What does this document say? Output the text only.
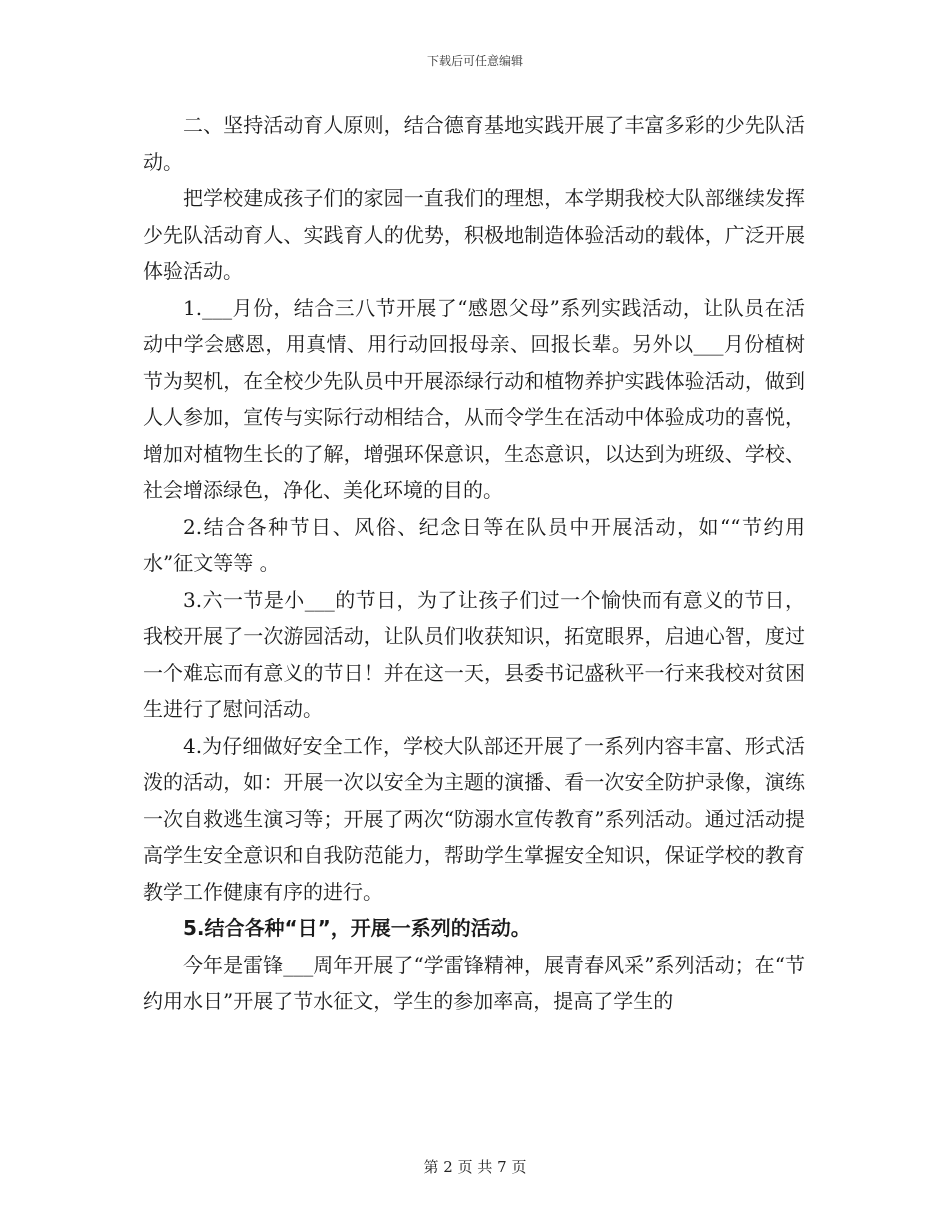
下载后可任意编辑

二、坚持活动育人原则，结合德育基地实践开展了丰富多彩的少先队活动。

把学校建成孩子们的家园一直我们的理想，本学期我校大队部继续发挥少先队活动育人、实践育人的优势，积极地制造体验活动的载体，广泛开展体验活动。

1.___月份，结合三八节开展了“感恩父母”系列实践活动，让队员在活动中学会感恩，用真情、用行动回报母亲、回报长辈。另外以___月份植树节为契机，在全校少先队员中开展添绿行动和植物养护实践体验活动，做到人人参加，宣传与实际行动相结合，从而令学生在活动中体验成功的喜悦，增加对植物生长的了解，增强环保意识，生态意识，以达到为班级、学校、社会增添绿色，净化、美化环境的目的。

2.结合各种节日、风俗、纪念日等在队员中开展活动，如““节约用水”征文等等 。

3.六一节是小___的节日，为了让孩子们过一个愉快而有意义的节日，我校开展了一次游园活动，让队员们收获知识，拓宽眼界，启迪心智，度过一个难忘而有意义的节日！并在这一天，县委书记盛秋平一行来我校对贫困生进行了慰问活动。

4.为仔细做好安全工作，学校大队部还开展了一系列内容丰富、形式活泼的活动，如：开展一次以安全为主题的演播、看一次安全防护录像，演练一次自救逃生演习等；开展了两次“防溺水宣传教育”系列活动。通过活动提高学生安全意识和自我防范能力，帮助学生掌握安全知识，保证学校的教育教学工作健康有序的进行。

5.结合各种“日”，开展一系列的活动。

今年是雷锋___周年开展了“学雷锋精神，展青春风采”系列活动；在“节约用水日”开展了节水征文，学生的参加率高，提高了学生的

第 2 页 共 7 页
